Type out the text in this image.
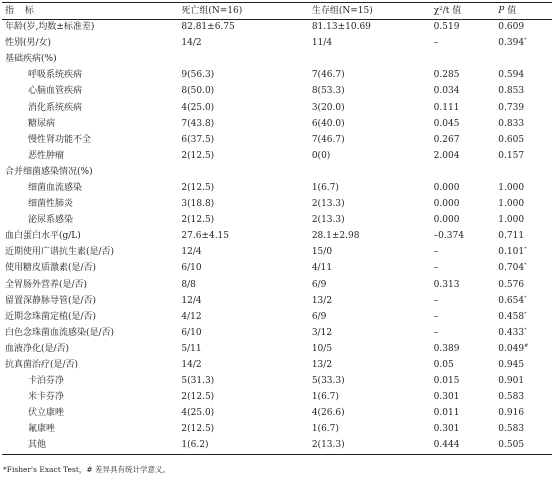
指 标	死亡组(N=16)	生存组(N=15)	χ²/t 值	P 值
年龄(岁,均数±标准差)	82.81±6.75	81.13±10.69	0.519	0.609
性别(男/女)	14/2	11/4	–	0.394*
基础疾病(%)				
呼吸系统疾病	9(56.3)	7(46.7)	0.285	0.594
心脑血管疾病	8(50.0)	8(53.3)	0.034	0.853
消化系统疾病	4(25.0)	3(20.0)	0.111	0.739
糖尿病	7(43.8)	6(40.0)	0.045	0.833
慢性肾功能不全	6(37.5)	7(46.7)	0.267	0.605
恶性肿瘤	2(12.5)	0(0)	2.004	0.157
合并细菌感染情况(%)				
细菌血流感染	2(12.5)	1(6.7)	0.000	1.000
细菌性肺炎	3(18.8)	2(13.3)	0.000	1.000
泌尿系感染	2(12.5)	2(13.3)	0.000	1.000
血白蛋白水平(g/L)	27.6±4.15	28.1±2.98	–0.374	0.711
近期使用广谱抗生素(是/否)	12/4	15/0	–	0.101*
使用糖皮质激素(是/否)	6/10	4/11	–	0.704*
全胃肠外营养(是/否)	8/8	6/9	0.313	0.576
留置深静脉导管(是/否)	12/4	13/2	–	0.654*
近期念珠菌定植(是/否)	4/12	6/9	–	0.458*
白色念珠菌血流感染(是/否)	6/10	3/12	–	0.433*
血液净化(是/否)	5/11	10/5	0.389	0.049#
抗真菌治疗(是/否)	14/2	13/2	0.05	0.945
卡泊芬净	5(31.3)	5(33.3)	0.015	0.901
米卡芬净	2(12.5)	1(6.7)	0.301	0.583
伏立康唑	4(25.0)	4(26.6)	0.011	0.916
氟康唑	2(12.5)	1(6.7)	0.301	0.583
其他	1(6.2)	2(13.3)	0.444	0.505
*Fisher's Exact Test，# 差异具有统计学意义。
